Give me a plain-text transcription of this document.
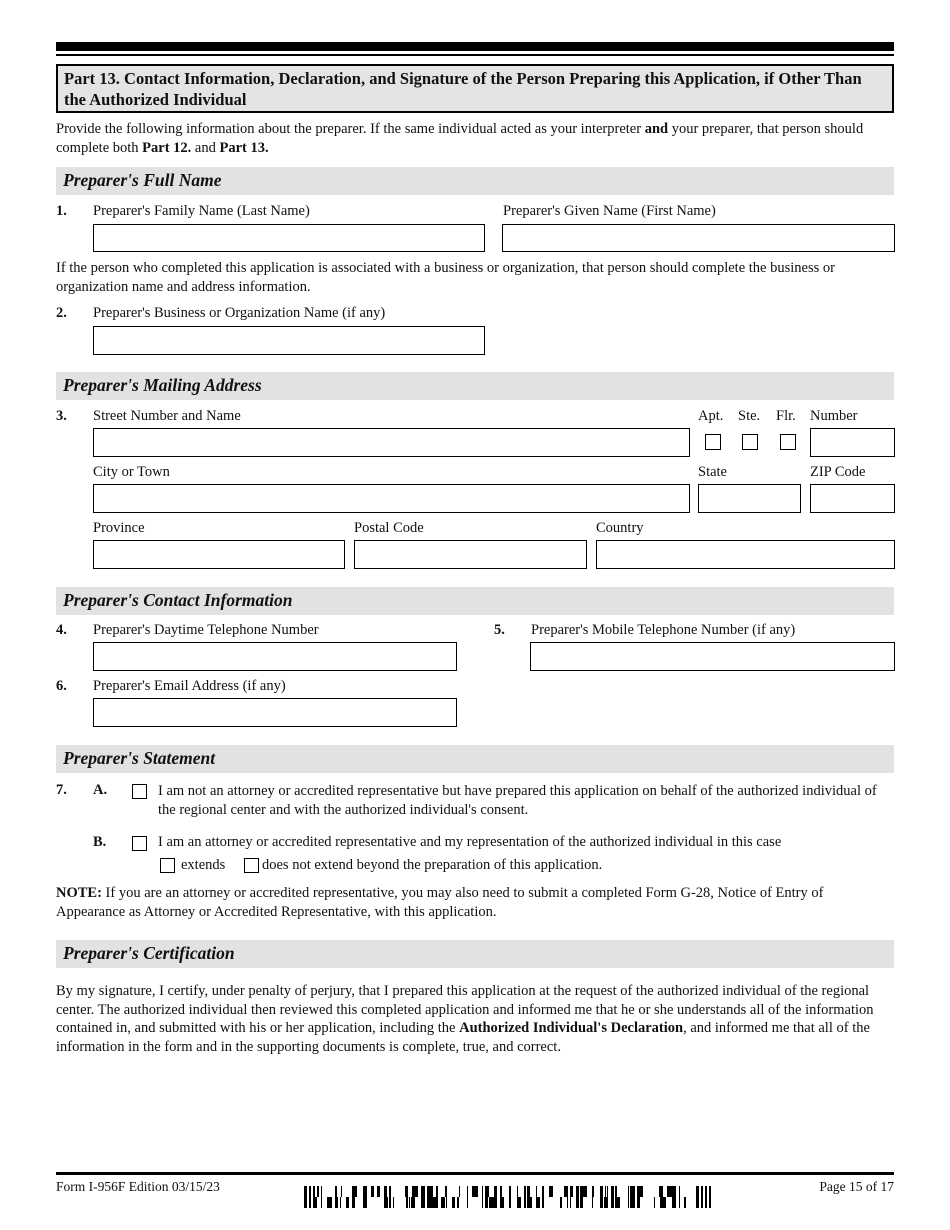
Part 13. Contact Information, Declaration, and Signature of the Person Preparing this Application, if Other Than the Authorized Individual
Provide the following information about the preparer. If the same individual acted as your interpreter and your preparer, that person should complete both Part 12. and Part 13.
Preparer's Full Name
1. Preparer's Family Name (Last Name)	Preparer's Given Name (First Name)
If the person who completed this application is associated with a business or organization, that person should complete the business or organization name and address information.
2. Preparer's Business or Organization Name (if any)
Preparer's Mailing Address
3. Street Number and Name	Apt. Ste. Flr. Number
City or Town	State	ZIP Code
Province	Postal Code	Country
Preparer's Contact Information
4. Preparer's Daytime Telephone Number	5. Preparer's Mobile Telephone Number (if any)
6. Preparer's Email Address (if any)
Preparer's Statement
7. A.	I am not an attorney or accredited representative but have prepared this application on behalf of the authorized individual of the regional center and with the authorized individual's consent.
B.	I am an attorney or accredited representative and my representation of the authorized individual in this case
extends	does not extend beyond the preparation of this application.
NOTE: If you are an attorney or accredited representative, you may also need to submit a completed Form G-28, Notice of Entry of Appearance as Attorney or Accredited Representative, with this application.
Preparer's Certification
By my signature, I certify, under penalty of perjury, that I prepared this application at the request of the authorized individual of the regional center. The authorized individual then reviewed this completed application and informed me that he or she understands all of the information contained in, and submitted with his or her application, including the Authorized Individual's Declaration, and informed me that all of the information in the form and in the supporting documents is complete, true, and correct.
Form I-956F Edition 03/15/23	Page 15 of 17
